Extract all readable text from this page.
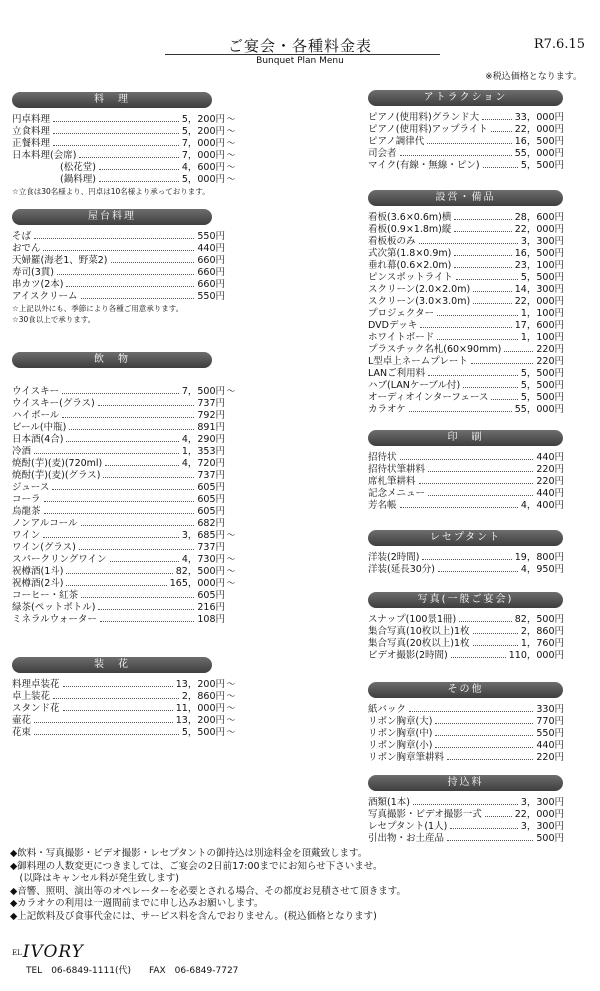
ご宴会・各種料金表
Bunquet Plan Menu
R7.6.15
※税込価格となります。
料　理
円卓料理	5，200円 ～
立食料理	5，200円 ～
正餐料理	7，000円 ～
日本料理(会席)	7，000円 ～
(松花堂)	4，600円 ～
(鍋料理)	5，000円 ～
☆立食は30名様より、円卓は10名様より承っております。
屋台料理
そば	550円
おでん	440円
天婦羅(海老1、野菜2)	660円
寿司(3貫)	660円
串カツ(2本)	660円
アイスクリーム	550円
☆上記以外にも、季節により各種ご用意承ります。
☆30食以上で承ります。
飲　物
ウイスキー	7，500円 ～
ウイスキー(グラス)	737円
ハイボール	792円
ビール(中瓶)	891円
日本酒(4合)	4，290円
冷酒	1，353円
焼酎(芋)(麦)(720ml)	4，720円
焼酎(芋)(麦)(グラス)	737円
ジュース	605円
コーラ	605円
烏龍茶	605円
ノンアルコール	682円
ワイン	3，685円 ～
ワイン(グラス)	737円
スパークリングワイン	4，730円 ～
祝樽酒(1斗)	82，500円 ～
祝樽酒(2斗)	165，000円 ～
コーヒー・紅茶	605円
緑茶(ペットボトル)	216円
ミネラルウォーター	108円
装　花
料理卓装花	13，200円 ～
卓上装花	2，860円 ～
スタンド花	11，000円 ～
壷花	13，200円 ～
花束	5，500円 ～
アトラクション
ピアノ(使用料)グランド大	33，000円
ピアノ(使用料)アップライト	22，000円
ピアノ調律代	16，500円
司会者	55，000円
マイク(有線・無線・ピン)	5，500円
設営・備品
看板(3.6×0.6m)横	28，600円
看板(0.9×1.8m)縦	22，000円
看板板のみ	3，300円
式次第(1.8×0.9m)	16，500円
垂れ幕(0.6×2.0m)	23，100円
ピンスポットライト	5，500円
スクリーン(2.0×2.0m)	14，300円
スクリーン(3.0×3.0m)	22，000円
プロジェクター	1，100円
DVDデッキ	17，600円
ホワイトボード	1，100円
プラスチック名札(60×90mm)	220円
L型卓上ネームプレート	220円
LANご利用料	5，500円
ハブ(LANケーブル付)	5，500円
オーディオインターフェース	5，500円
カラオケ	55，000円
印　刷
招待状	440円
招待状筆耕料	220円
席札筆耕料	220円
記念メニュー	440円
芳名帳	4，400円
レセプタント
洋装(2時間)	19，800円
洋装(延長30分)	4，950円
写真(一般ご宴会)
スナップ(100景1冊)	82，500円
集合写真(10枚以上)1枚	2，860円
集合写真(20枚以上)1枚	1，760円
ビデオ撮影(2時間)	110，000円
その他
紙バック	330円
リボン胸章(大)	770円
リボン胸章(中)	550円
リボン胸章(小)	440円
リボン胸章筆耕料	220円
持込料
酒類(1本)	3，300円
写真撮影・ビデオ撮影一式	22，000円
レセプタント(1人)	3，300円
引出物・お土産品	500円
◆飲料・写真撮影・ビデオ撮影・レセプタントの御持込は別途料金を頂戴致します。
◆御料理の人数変更につきましては、ご宴会の2日前17:00までにお知らせ下さいませ。
　(以降はキャンセル料が発生致します)
◆音響、照明、演出等のオペレーターを必要とされる場合、その都度お見積させて頂きます。
◆カラオケの利用は一週間前までに申し込みお願いします。
◆上記飲料及び食事代金には、サービス料を含んでおりません。(税込価格となります)
ELIVORY
TEL　06-6849-1111(代)　　FAX　06-6849-7727
